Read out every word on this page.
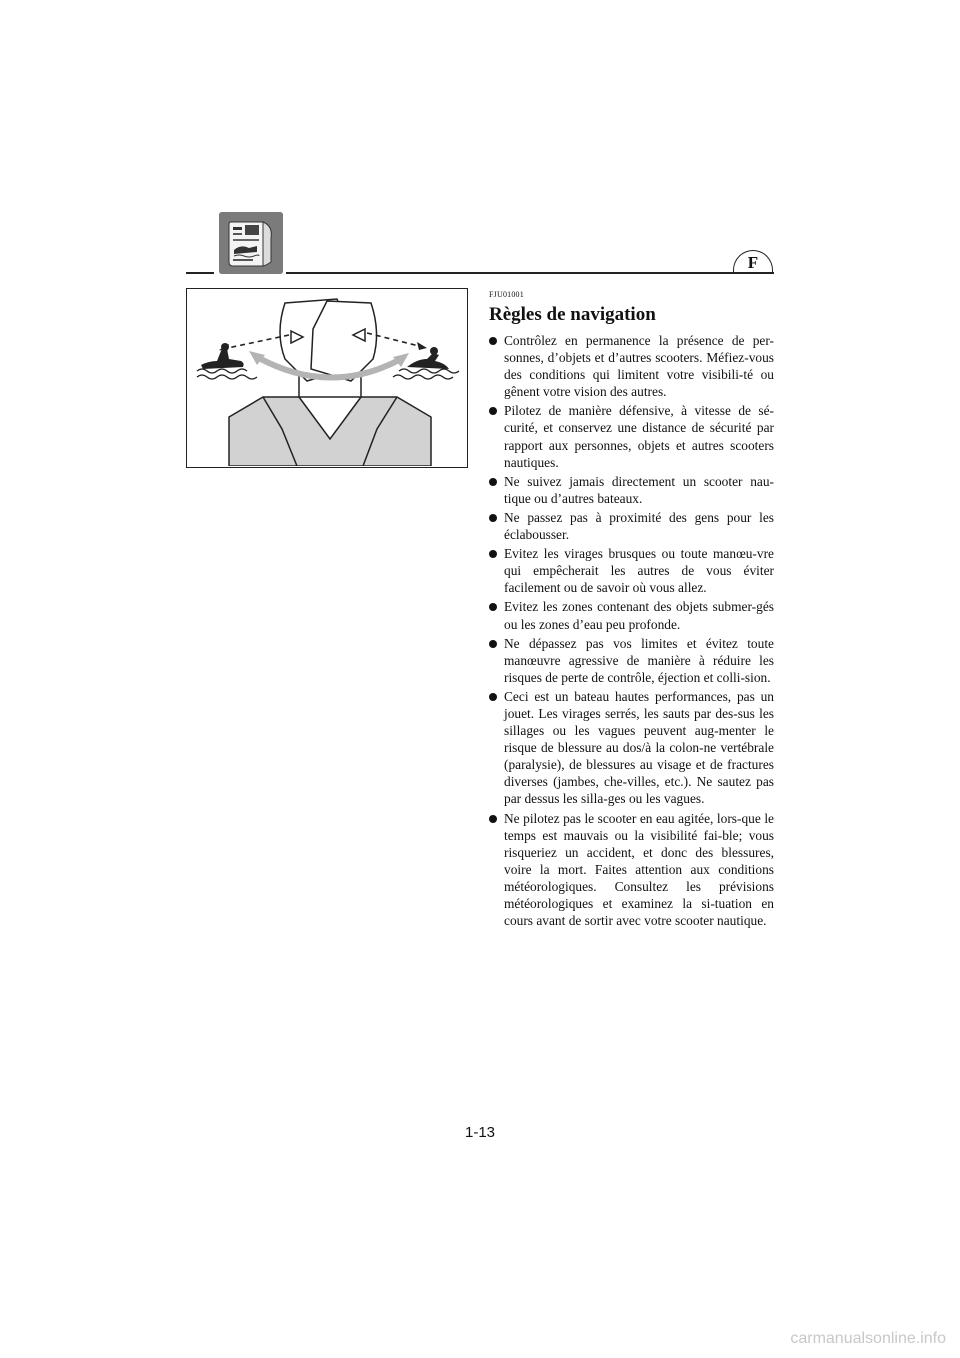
F
FJU01001
Règles de navigation
Contrôlez en permanence la présence de per-sonnes, d’objets et d’autres scooters. Méfiez-vous des conditions qui limitent votre visibili-té ou gênent votre vision des autres.
Pilotez de manière défensive, à vitesse de sé-curité, et conservez une distance de sécurité par rapport aux personnes, objets et autres scooters nautiques.
Ne suivez jamais directement un scooter nau-tique ou d’autres bateaux.
Ne passez pas à proximité des gens pour les éclabousser.
Evitez les virages brusques ou toute manœu-vre qui empêcherait les autres de vous éviter facilement ou de savoir où vous allez.
Evitez les zones contenant des objets submer-gés ou les zones d’eau peu profonde.
Ne dépassez pas vos limites et évitez toute manœuvre agressive de manière à réduire les risques de perte de contrôle, éjection et colli-sion.
Ceci est un bateau hautes performances, pas un jouet. Les virages serrés, les sauts par des-sus les sillages ou les vagues peuvent aug-menter le risque de blessure au dos/à la colon-ne vertébrale (paralysie), de blessures au visage et de fractures diverses (jambes, che-villes, etc.). Ne sautez pas par dessus les silla-ges ou les vagues.
Ne pilotez pas le scooter en eau agitée, lors-que le temps est mauvais ou la visibilité fai-ble; vous risqueriez un accident, et donc des blessures, voire la mort. Faites attention aux conditions météorologiques. Consultez les prévisions météorologiques et examinez la si-tuation en cours avant de sortir avec votre scooter nautique.
1-13
carmanualsonline.info
